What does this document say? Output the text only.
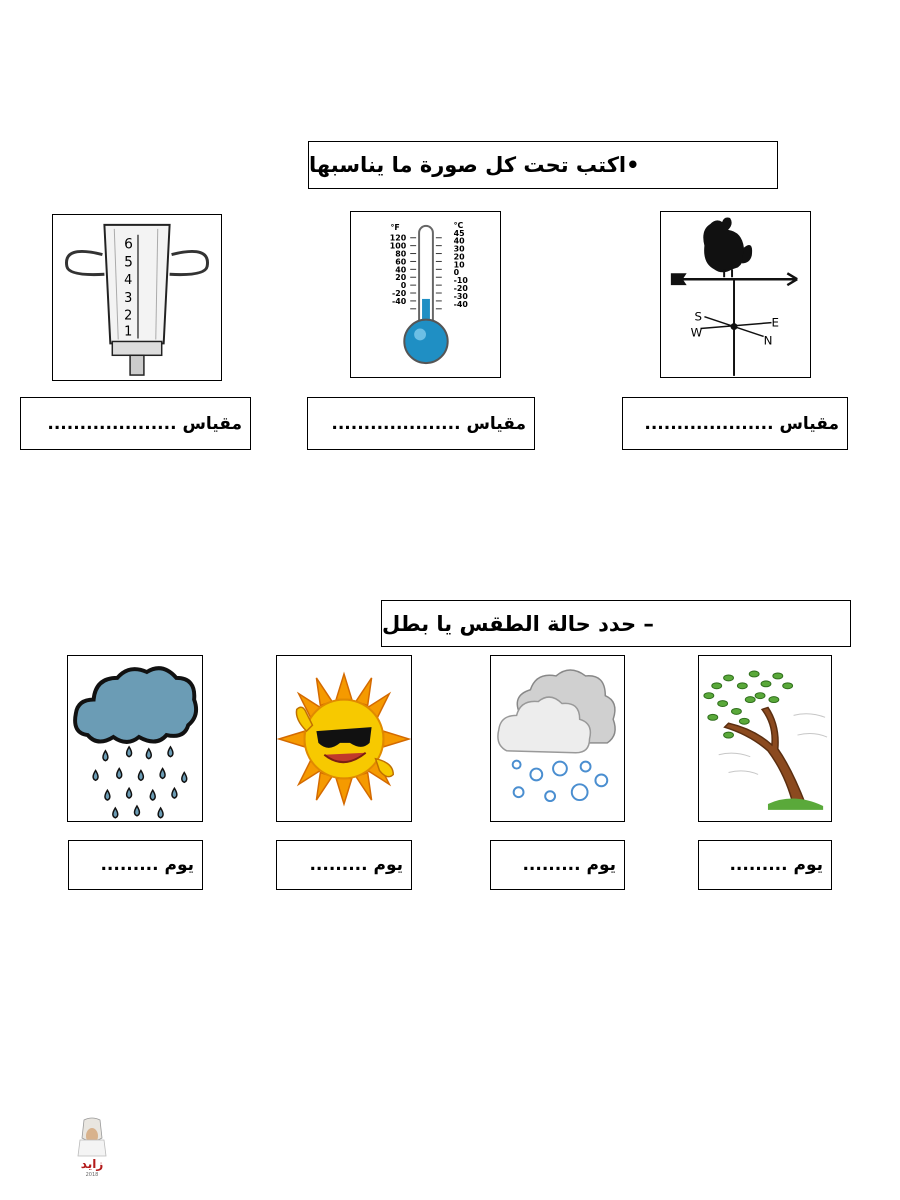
•اكتب تحت كل صورة ما يناسبها
6
5
4
3
2
1
°F	°C
120
100
80
60
40
20
0
-20
-40
45
40
30
20
10
0
-10
-20
-30
-40
S	E
W
N
مقياس ....................	مقياس ....................	مقياس ....................
– حدد حالة الطقس يا بطل
يوم .........	يوم .........	يوم .........	يوم .........
زايد
2018
